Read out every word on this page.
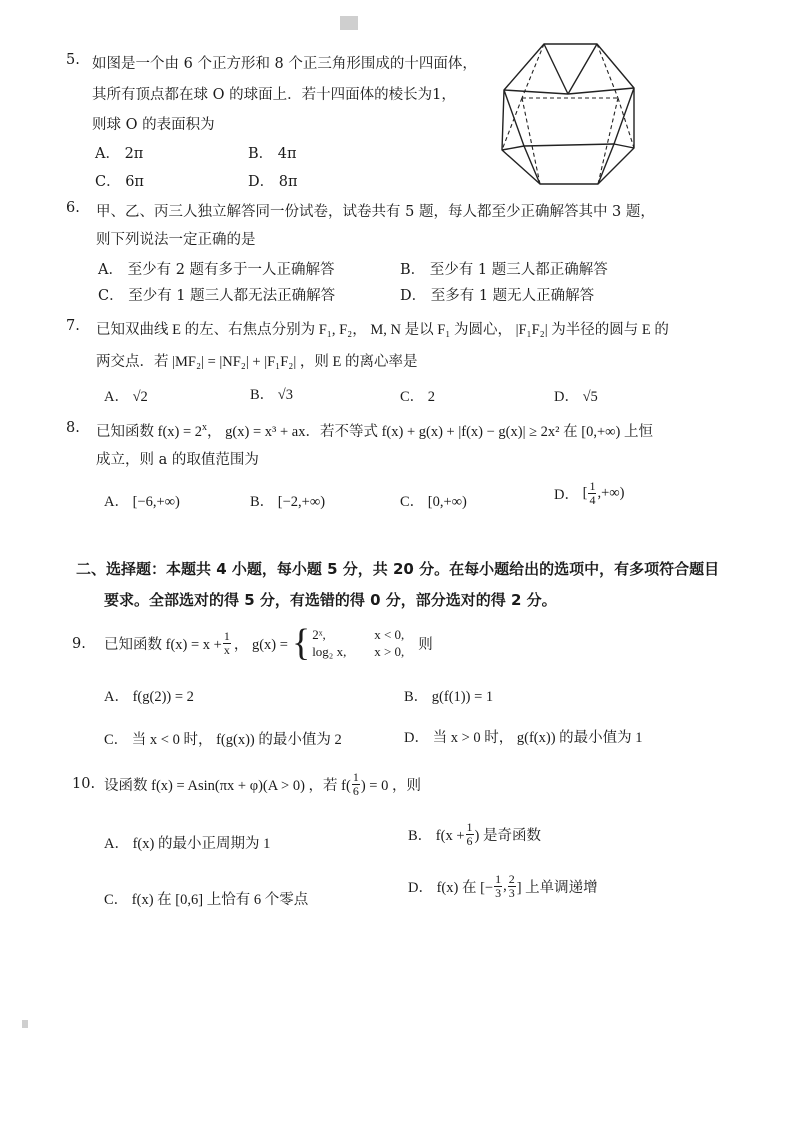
5. 如图是一个由 6 个正方形和 8 个正三角形围成的十四面体，
其所有顶点都在球 O 的球面上．若十四面体的棱长为1，
则球 O 的表面积为
A． 2π	B． 4π
C． 6π	D． 8π
6. 甲、乙、丙三人独立解答同一份试卷，试卷共有 5 题，每人都至少正确解答其中 3 题，
则下列说法一定正确的是
A． 至少有 2 题有多于一人正确解答	B． 至少有 1 题三人都正确解答
C． 至少有 1 题三人都无法正确解答	D． 至多有 1 题无人正确解答
7. 已知双曲线 E 的左、右焦点分别为 F₁, F₂， M, N 是以 F₁ 为圆心， |F₁F₂| 为半径的圆与 E 的
两交点．若 |MF₂| = |NF₂| + |F₁F₂| ，则 E 的离心率是
A． √2	B． √3	C． 2	D． √5
8. 已知函数 $f(x) = 2^x$， g(x) = x³ + ax．若不等式 f(x) + g(x) + |f(x) − g(x)| ≥ 2x² 在 [0,+∞) 上恒
成立，则 a 的取值范围为
A． [−6,+∞)	B． [−2,+∞)	C． [0,+∞)	D． [ $\frac{1}{4}$ ,+∞)
二、选择题：本题共 4 小题，每小题 5 分，共 20 分。在每小题给出的选项中，有多项符合题目
要求。全部选对的得 5 分，有选错的得 0 分，部分选对的得 2 分。
9. 已知函数 $f(x) = x + \frac{1}{x}$ ， g(x) = { 2ˣ,	x < 0,
log₂ x, x > 0, 则
A． f(g(2)) = 2	B． g(f(1)) = 1
C． 当 x < 0 时， f(g(x)) 的最小值为 2	D． 当 x > 0 时， g(f(x)) 的最小值为 1
10. 设函数 f(x) = Asin(πx + φ)(A > 0) ，若 $f( \frac{1}{6}$ ) = 0 ，则
A． f(x) 的最小正周期为 1
B． $f(x + \frac{1}{6}$ ) 是奇函数
C． f(x) 在 [0,6] 上恰有 6 个零点
D． f(x) 在 [− $\frac{1}{3}$ , $\frac{2}{3}$ ] 上单调递增
